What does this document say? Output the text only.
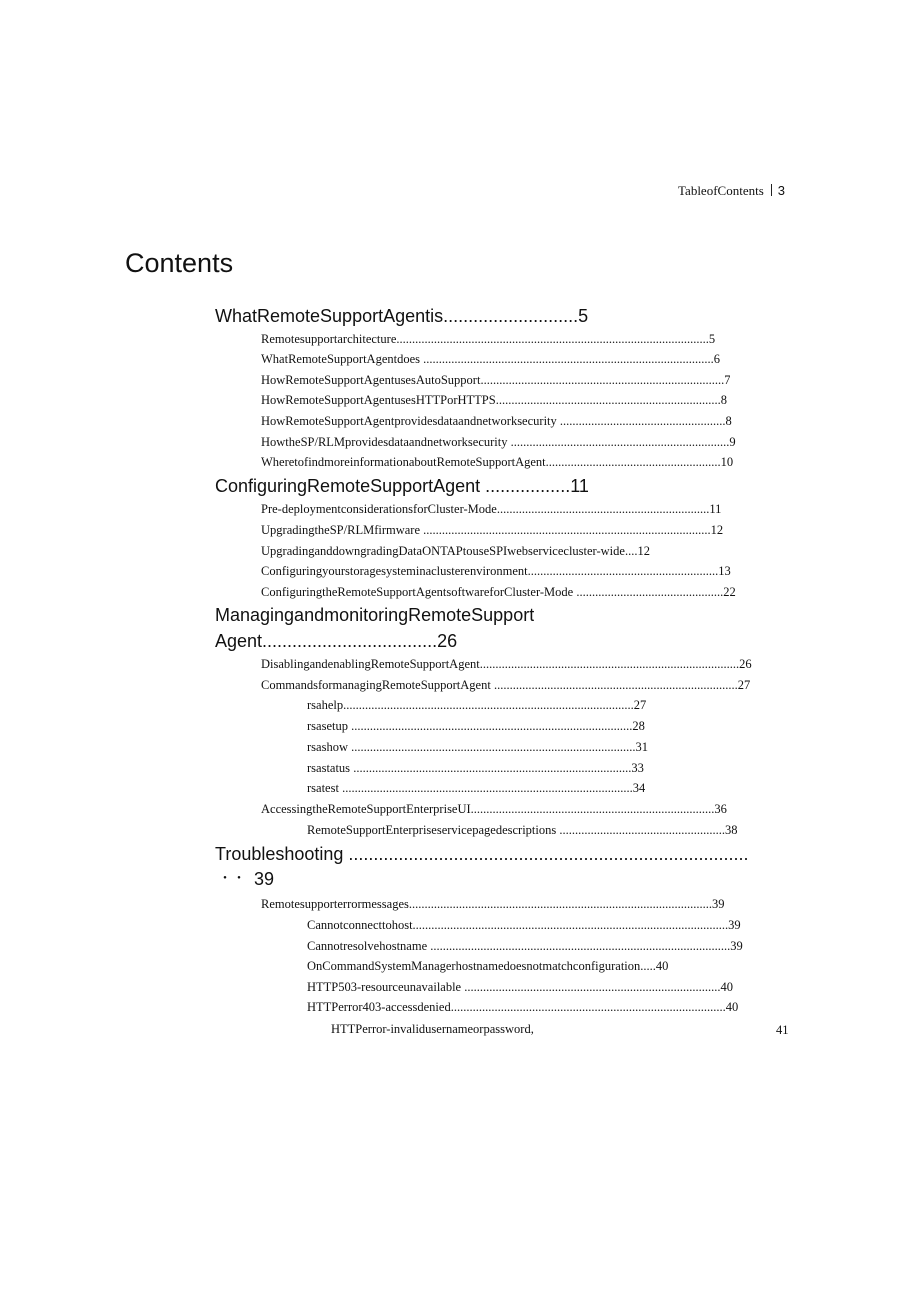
TableofContents 3
Contents
WhatRemoteSupportAgentis...........................5
Remotesupportarchitecture....................................................................................................5
WhatRemoteSupportAgentdoes .............................................................................................6
HowRemoteSupportAgentusesAutoSupport..............................................................................7
HowRemoteSupportAgentusesHTTPorHTTPS........................................................................8
HowRemoteSupportAgentprovidesdataandnetworksecurity .....................................................8
HowtheSP/RLMprovidesdataandnetworksecurity ......................................................................9
WheretofindmoreinformationaboutRemoteSupportAgent........................................................10
ConfiguringRemoteSupportAgent .................11
Pre-deploymentconsiderationsforCluster-Mode....................................................................11
UpgradingtheSP/RLMfirmware ............................................................................................12
UpgradinganddowngradingDataONTAPtouseSPIwebservicecluster-wide....12
Configuringyourstoragesysteminaclusterenvironment.............................................................13
ConfiguringtheRemoteSupportAgentsoftwareforCluster-Mode ...............................................22
ManagingandmonitoringRemoteSupport
Agent...................................26
DisablingandenablingRemoteSupportAgent...................................................................................26
CommandsformanagingRemoteSupportAgent ..............................................................................27
rsahelp.............................................................................................27
rsasetup ..........................................................................................28
rsashow ...........................................................................................31
rsastatus .........................................................................................33
rsatest .............................................................................................34
AccessingtheRemoteSupportEnterpriseUI..............................................................................36
RemoteSupportEnterpriseservicepagedescriptions .....................................................38
Troubleshooting ................................................................................
・・ 39
Remotesupporterrormessages.................................................................................................39
Cannotconnecttohost.....................................................................................................39
Cannotresolvehostname ................................................................................................39
OnCommandSystemManagerhostnamedoesnotmatchconfiguration.....40
HTTP503-resourceunavailable ..................................................................................40
HTTPerror403-accessdenied........................................................................................40
HTTPerror-invalidusernameorpassword,	41
